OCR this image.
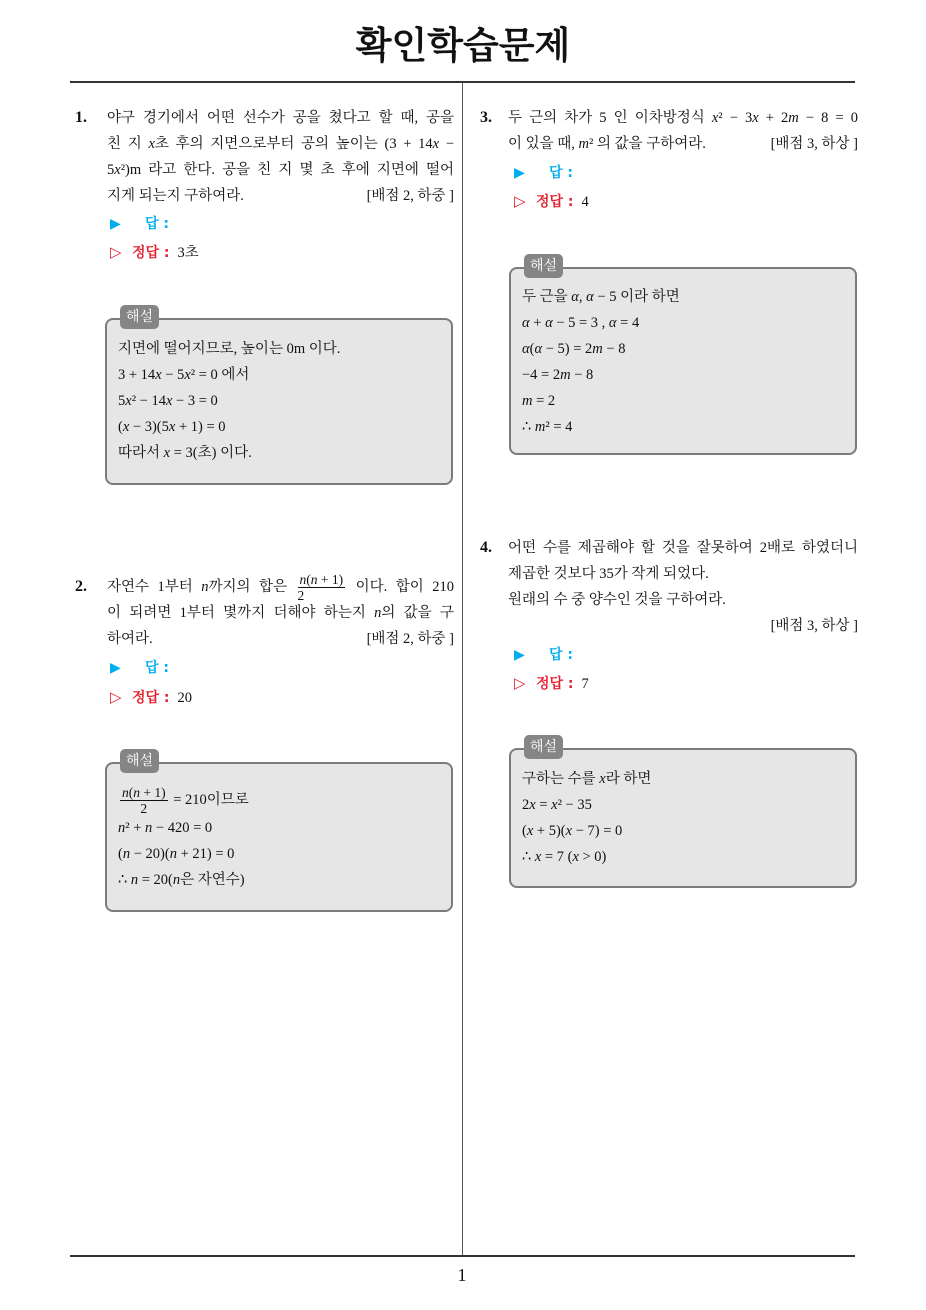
확인학습문제
1
1. 야구 경기에서 어떤 선수가 공을 쳤다고 할 때, 공을
친 지 x초 후의 지면으로부터 공의 높이는 (3 + 14x −
5x²)m 라고 한다. 공을 친 지 몇 초 후에 지면에 떨어
지게 되는지 구하여라.	[배점 2, 하중 ]
▶ 답 :
▷ 정답 : 3초
해설
지면에 떨어지므로, 높이는 0m 이다.
3 + 14x − 5x² = 0 에서
5x² − 14x − 3 = 0
(x − 3)(5x + 1) = 0
따라서 x = 3(초) 이다.
2. 자연수 1부터 n까지의 합은 $\frac{n(n + 1)}{2}$ 이다. 합이 210
이 되려면 1부터 몇까지 더해야 하는지 n의 값을 구
하여라.	[배점 2, 하중 ]
▶ 답 :
▷ 정답 : 20
해설
$\frac{n(n + 1)}{2} = 210$이므로
n² + n − 420 = 0
(n − 20)(n + 21) = 0
∴ n = 20(n은 자연수)
3. 두 근의 차가 5 인 이차방정식 x² − 3x + 2m − 8 = 0
이 있을 때, m² 의 값을 구하여라.	[배점 3, 하상 ]
▶ 답 :
▷ 정답 : 4
해설
두 근을 α, α − 5 이라 하면
α + α − 5 = 3 , α = 4
α(α − 5) = 2m − 8
−4 = 2m − 8
m = 2
∴ m² = 4
4. 어떤 수를 제곱해야 할 것을 잘못하여 2배로 하였더니
제곱한 것보다 35가 작게 되었다.
원래의 수 중 양수인 것을 구하여라.
[배점 3, 하상 ]
▶ 답 :
▷ 정답 : 7
해설
구하는 수를 x라 하면
2x = x² − 35
(x + 5)(x − 7) = 0
∴ x = 7 (x > 0)
